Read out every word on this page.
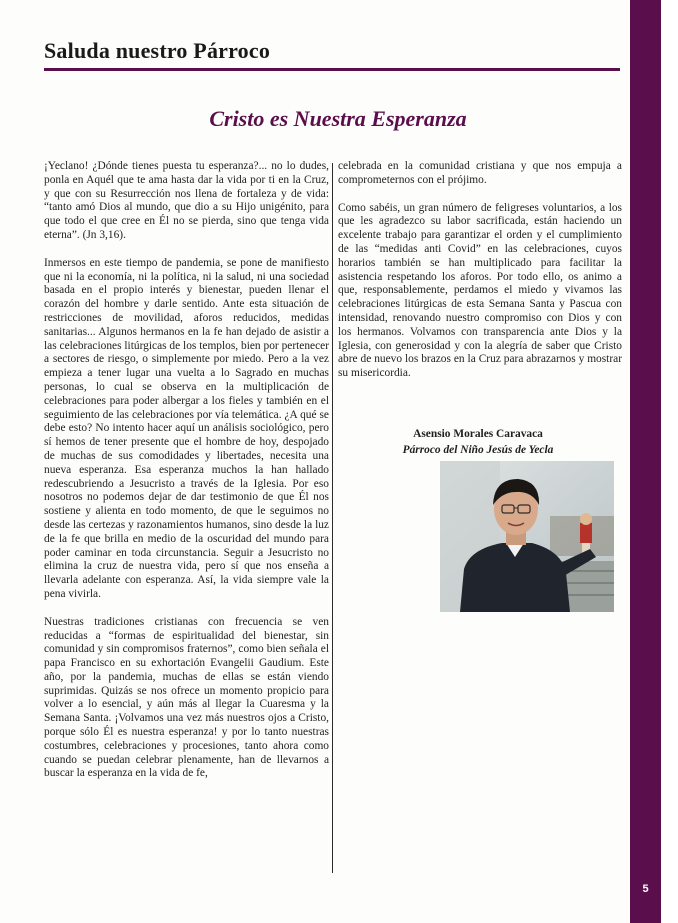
Saluda nuestro Párroco
Cristo es Nuestra Esperanza

¡Yeclano! ¿Dónde tienes puesta tu esperanza?... no lo dudes, ponla en Aquél que te ama hasta dar la vida por ti en la Cruz, y que con su Resurrección nos llena de fortaleza y de vida: “tanto amó Dios al mundo, que dio a su Hijo unigénito, para que todo el que cree en Él no se pierda, sino que tenga vida eterna”. (Jn 3,16).

Inmersos en este tiempo de pandemia, se pone de manifiesto que ni la economía, ni la política, ni la salud, ni una sociedad basada en el propio interés y bienestar, pueden llenar el corazón del hombre y darle sentido. Ante esta situación de restricciones de movilidad, aforos reducidos, medidas sanitarias... Algunos hermanos en la fe han dejado de asistir a las celebraciones litúrgicas de los templos, bien por pertenecer a sectores de riesgo, o simplemente por miedo. Pero a la vez empieza a tener lugar una vuelta a lo Sagrado en muchas personas, lo cual se observa en la multiplicación de celebraciones para poder albergar a los fieles y también en el seguimiento de las celebraciones por vía telemática. ¿A qué se debe esto? No intento hacer aquí un análisis sociológico, pero sí hemos de tener presente que el hombre de hoy, despojado de muchas de sus comodidades y libertades, necesita una nueva esperanza. Esa esperanza muchos la han hallado redescubriendo a Jesucristo a través de la Iglesia. Por eso nosotros no podemos dejar de dar testimonio de que Él nos sostiene y alienta en todo momento, de que le seguimos no desde las certezas y razonamientos humanos, sino desde la luz de la fe que brilla en medio de la oscuridad del mundo para poder caminar en toda circunstancia. Seguir a Jesucristo no elimina la cruz de nuestra vida, pero sí que nos enseña a llevarla adelante con esperanza. Así, la vida siempre vale la pena vivirla.

Nuestras tradiciones cristianas con frecuencia se ven reducidas a “formas de espiritualidad del bienestar, sin comunidad y sin compromisos fraternos”, como bien señala el papa Francisco en su exhortación Evangelii Gaudium. Este año, por la pandemia, muchas de ellas se están viendo suprimidas. Quizás se nos ofrece un momento propicio para volver a lo esencial, y aún más al llegar la Cuaresma y la Semana Santa. ¡Volvamos una vez más nuestros ojos a Cristo, porque sólo Él es nuestra esperanza! y por lo tanto nuestras costumbres, celebraciones y procesiones, tanto ahora como cuando se puedan celebrar plenamente, han de llevarnos a buscar la esperanza en la vida de fe,

celebrada en la comunidad cristiana y que nos empuja a comprometernos con el prójimo.

Como sabéis, un gran número de feligreses voluntarios, a los que les agradezco su labor sacrificada, están haciendo un excelente trabajo para garantizar el orden y el cumplimiento de las “medidas anti Covid” en las celebraciones, cuyos horarios también se han multiplicado para facilitar la asistencia respetando los aforos. Por todo ello, os animo a que, responsablemente, perdamos el miedo y vivamos las celebraciones litúrgicas de esta Semana Santa y Pascua con intensidad, renovando nuestro compromiso con Dios y con los hermanos. Volvamos con transparencia ante Dios y la Iglesia, con generosidad y con la alegría de saber que Cristo abre de nuevo los brazos en la Cruz para abrazarnos y mostrar su misericordia.

Asensio Morales Caravaca
Párroco del Niño Jesús de Yecla
5
